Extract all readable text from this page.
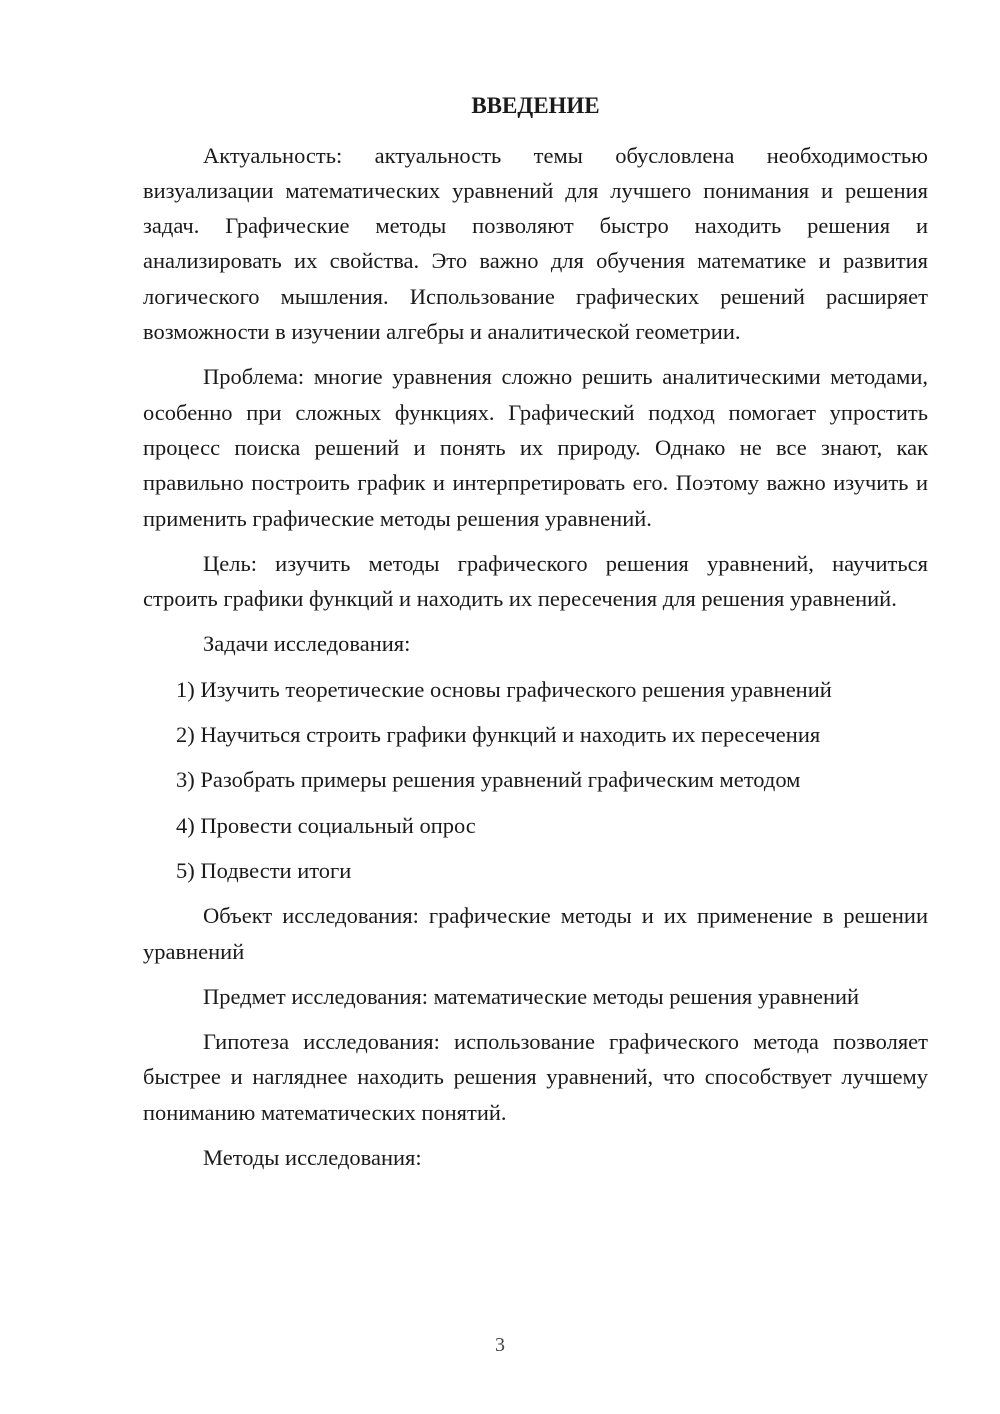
ВВЕДЕНИЕ

Актуальность: актуальность темы обусловлена необходимостью визуализации математических уравнений для лучшего понимания и решения задач. Графические методы позволяют быстро находить решения и анализировать их свойства. Это важно для обучения математике и развития логического мышления. Использование графических решений расширяет возможности в изучении алгебры и аналитической геометрии.

Проблема: многие уравнения сложно решить аналитическими методами, особенно при сложных функциях. Графический подход помогает упростить процесс поиска решений и понять их природу. Однако не все знают, как правильно построить график и интерпретировать его. Поэтому важно изучить и применить графические методы решения уравнений.

Цель: изучить методы графического решения уравнений, научиться строить графики функций и находить их пересечения для решения уравнений.

Задачи исследования:

1) Изучить теоретические основы графического решения уравнений
2) Научиться строить графики функций и находить их пересечения
3) Разобрать примеры решения уравнений графическим методом
4) Провести социальный опрос
5) Подвести итоги

Объект исследования: графические методы и их применение в решении уравнений

Предмет исследования: математические методы решения уравнений

Гипотеза исследования: использование графического метода позволяет быстрее и нагляднее находить решения уравнений, что способствует лучшему пониманию математических понятий.

Методы исследования:

3
